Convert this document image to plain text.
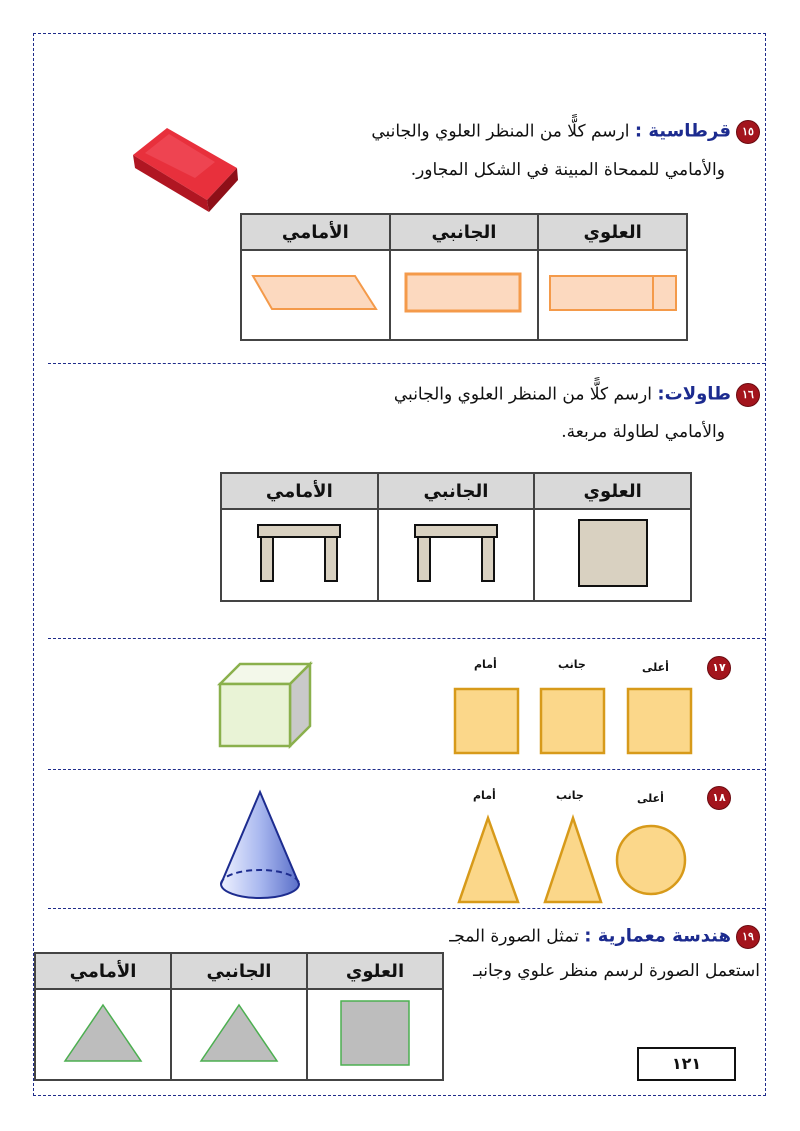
١٥قرطاسية : ارسم كلًّا من المنظر العلوي والجانبي
والأمامي للممحاة المبينة في الشكل المجاور.
الأمامي	الجانبي	العلوي

١٦طاولات: ارسم كلًّا من المنظر العلوي والجانبي
والأمامي لطاولة مربعة.
الأمامي	الجانبي	العلوي

١٧
أعلى
جانب
أمام
١٨
أعلى
جانب
أمام
١٩هندسة معمارية : تمثل الصورة المجـ
استعمل الصورة لرسم منظر علوي وجانبـ
الأمامي	الجانبي	العلوي

١٢١
